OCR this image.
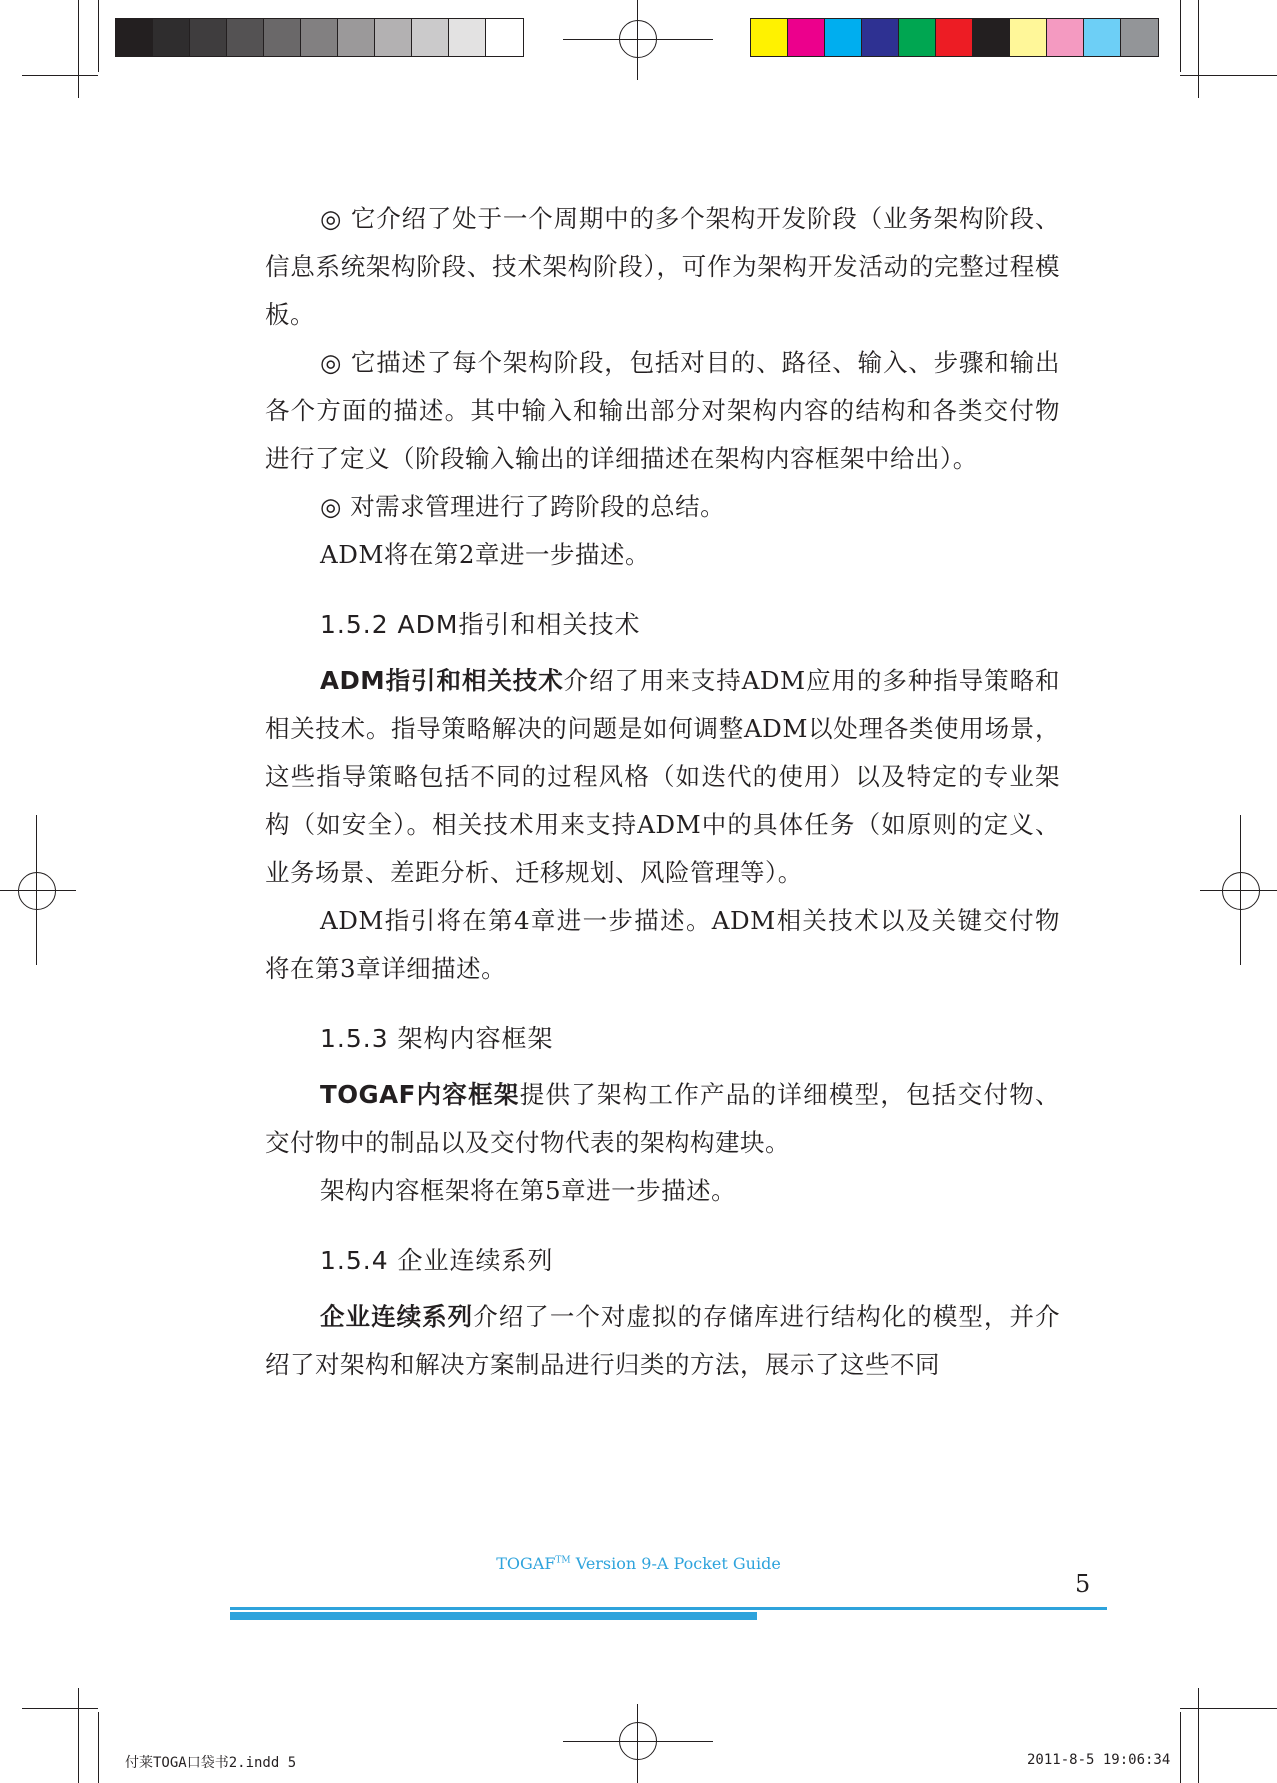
◎ 它介绍了处于一个周期中的多个架构开发阶段（业务架构阶段、信息系统架构阶段、技术架构阶段），可作为架构开发活动的完整过程模板。

◎ 它描述了每个架构阶段，包括对目的、路径、输入、步骤和输出各个方面的描述。其中输入和输出部分对架构内容的结构和各类交付物进行了定义（阶段输入输出的详细描述在架构内容框架中给出）。

◎ 对需求管理进行了跨阶段的总结。

ADM将在第2章进一步描述。

1.5.2 ADM指引和相关技术

ADM指引和相关技术介绍了用来支持ADM应用的多种指导策略和相关技术。指导策略解决的问题是如何调整ADM以处理各类使用场景，这些指导策略包括不同的过程风格（如迭代的使用）以及特定的专业架构（如安全）。相关技术用来支持ADM中的具体任务（如原则的定义、业务场景、差距分析、迁移规划、风险管理等）。

ADM指引将在第4章进一步描述。ADM相关技术以及关键交付物将在第3章详细描述。

1.5.3 架构内容框架

TOGAF内容框架提供了架构工作产品的详细模型，包括交付物、交付物中的制品以及交付物代表的架构构建块。

架构内容框架将在第5章进一步描述。

1.5.4 企业连续系列

企业连续系列介绍了一个对虚拟的存储库进行结构化的模型，并介绍了对架构和解决方案制品进行归类的方法，展示了这些不同

TOGAF™ Version 9-A Pocket Guide
5
付莱TOGA口袋书2.indd 5	2011-8-5 19:06:34
